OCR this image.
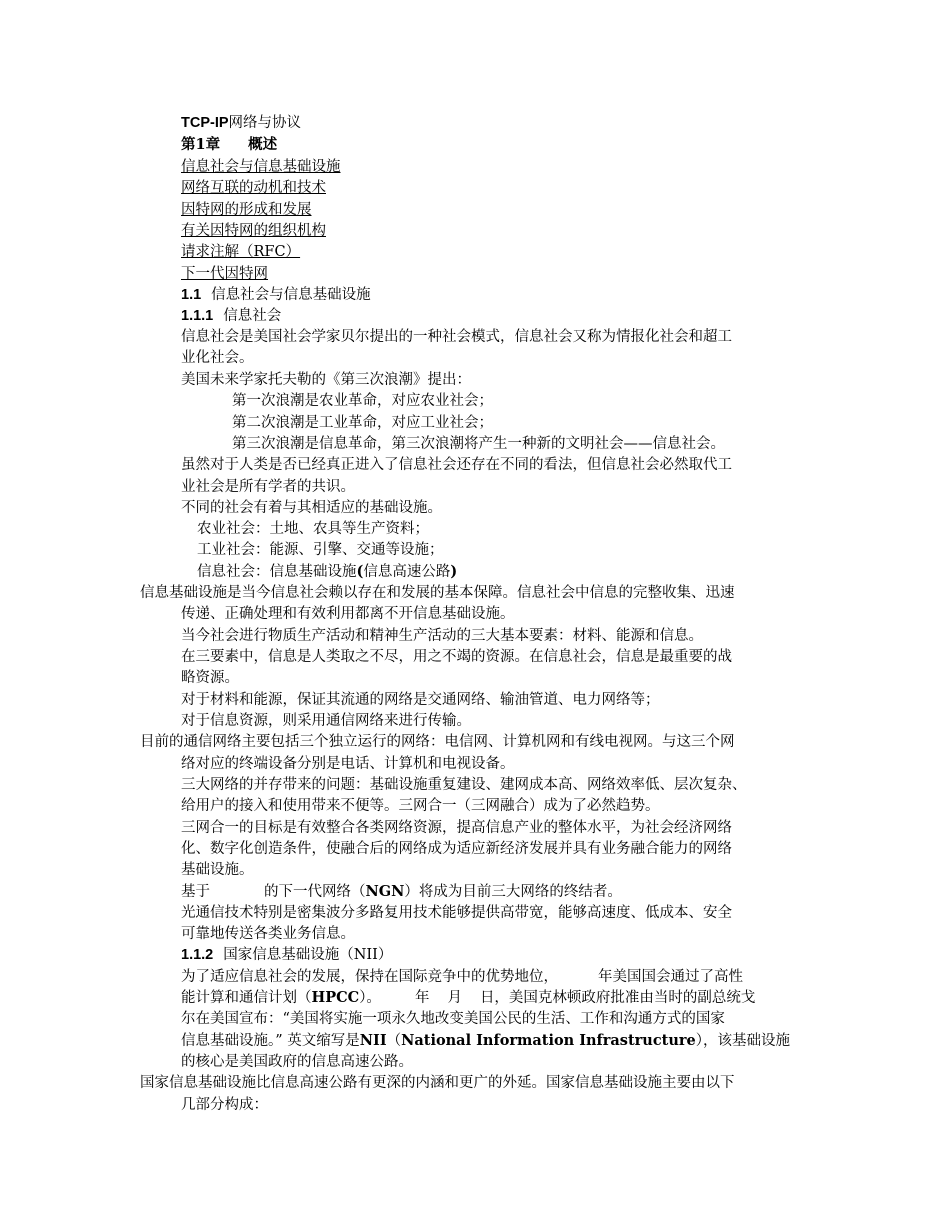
TCP-IP网络与协议
第1章 概述
信息社会与信息基础设施
网络互联的动机和技术
因特网的形成和发展
有关因特网的组织机构
请求注解（RFC）
下一代因特网
1.1 信息社会与信息基础设施
1.1.1 信息社会
信息社会是美国社会学家贝尔提出的一种社会模式，信息社会又称为情报化社会和超工
业化社会。
美国未来学家托夫勒的《第三次浪潮》提出：
第一次浪潮是农业革命，对应农业社会；
第二次浪潮是工业革命，对应工业社会；
第三次浪潮是信息革命，第三次浪潮将产生一种新的文明社会——信息社会。
虽然对于人类是否已经真正进入了信息社会还存在不同的看法，但信息社会必然取代工
业社会是所有学者的共识。
不同的社会有着与其相适应的基础设施。
农业社会：土地、农具等生产资料；
工业社会：能源、引擎、交通等设施；
信息社会：信息基础设施(信息高速公路)
信息基础设施是当今信息社会赖以存在和发展的基本保障。信息社会中信息的完整收集、迅速
传递、正确处理和有效利用都离不开信息基础设施。
当今社会进行物质生产活动和精神生产活动的三大基本要素：材料、能源和信息。
在三要素中，信息是人类取之不尽，用之不竭的资源。在信息社会，信息是最重要的战
略资源。
对于材料和能源，保证其流通的网络是交通网络、输油管道、电力网络等；
对于信息资源，则采用通信网络来进行传输。
目前的通信网络主要包括三个独立运行的网络：电信网、计算机网和有线电视网。与这三个网
络对应的终端设备分别是电话、计算机和电视设备。
三大网络的并存带来的问题：基础设施重复建设、建网成本高、网络效率低、层次复杂、
给用户的接入和使用带来不便等。三网合一（三网融合）成为了必然趋势。
三网合一的目标是有效整合各类网络资源，提高信息产业的整体水平，为社会经济网络
化、数字化创造条件，使融合后的网络成为适应新经济发展并具有业务融合能力的网络
基础设施。
基于	的下一代网络（NGN）将成为目前三大网络的终结者。
光通信技术特别是密集波分多路复用技术能够提供高带宽，能够高速度、低成本、安全
可靠地传送各类业务信息。
1.1.2 国家信息基础设施（NII）
为了适应信息社会的发展，保持在国际竞争中的优势地位，	年美国国会通过了高性
能计算和通信计划（HPCC）。 年 月 日，美国克林顿政府批准由当时的副总统戈
尔在美国宣布：“美国将实施一项永久地改变美国公民的生活、工作和沟通方式的国家
信息基础设施。” 英文缩写是NII（National Information Infrastructure），该基础设施
的核心是美国政府的信息高速公路。
国家信息基础设施比信息高速公路有更深的内涵和更广的外延。国家信息基础设施主要由以下
几部分构成：
